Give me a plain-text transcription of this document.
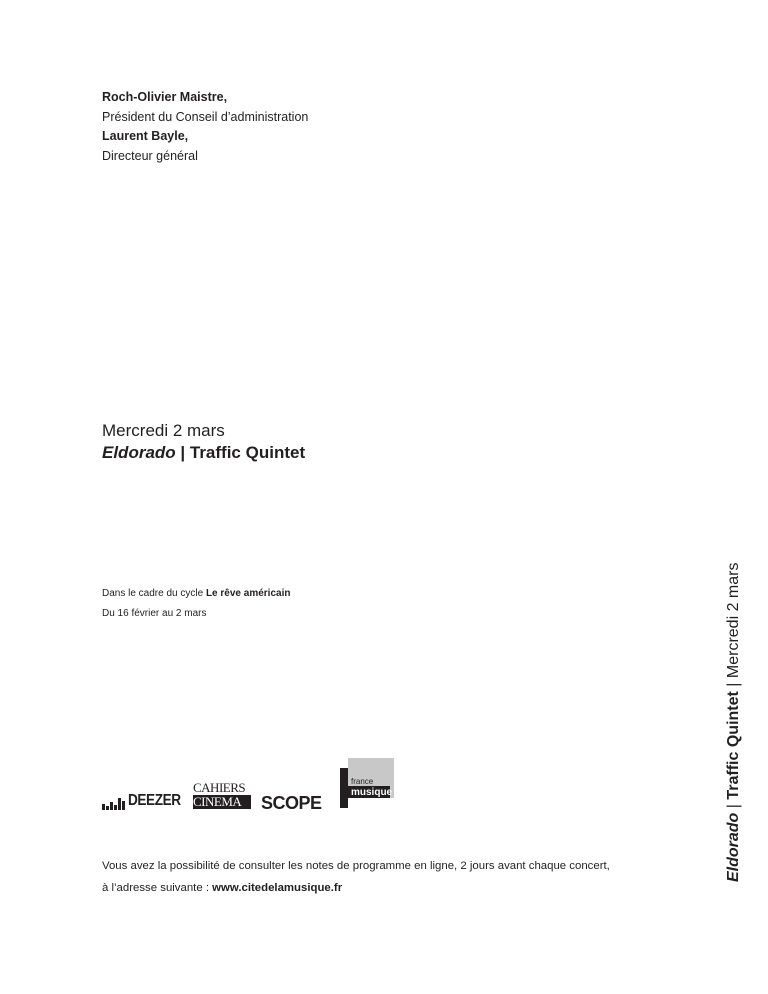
Roch-Olivier Maistre,
Président du Conseil d’administration
Laurent Bayle,
Directeur général
Mercredi 2 mars
Eldorado | Traffic Quintet
Dans le cadre du cycle Le rêve américain
Du 16 février au 2 mars
DEEZER
CAHIERS
CINEMA	SCOPE
france
musique
Vous avez la possibilité de consulter les notes de programme en ligne, 2 jours avant chaque concert,
à l’adresse suivante : www.citedelamusique.fr
Eldorado | Traffic Quintet | Mercredi 2 mars
